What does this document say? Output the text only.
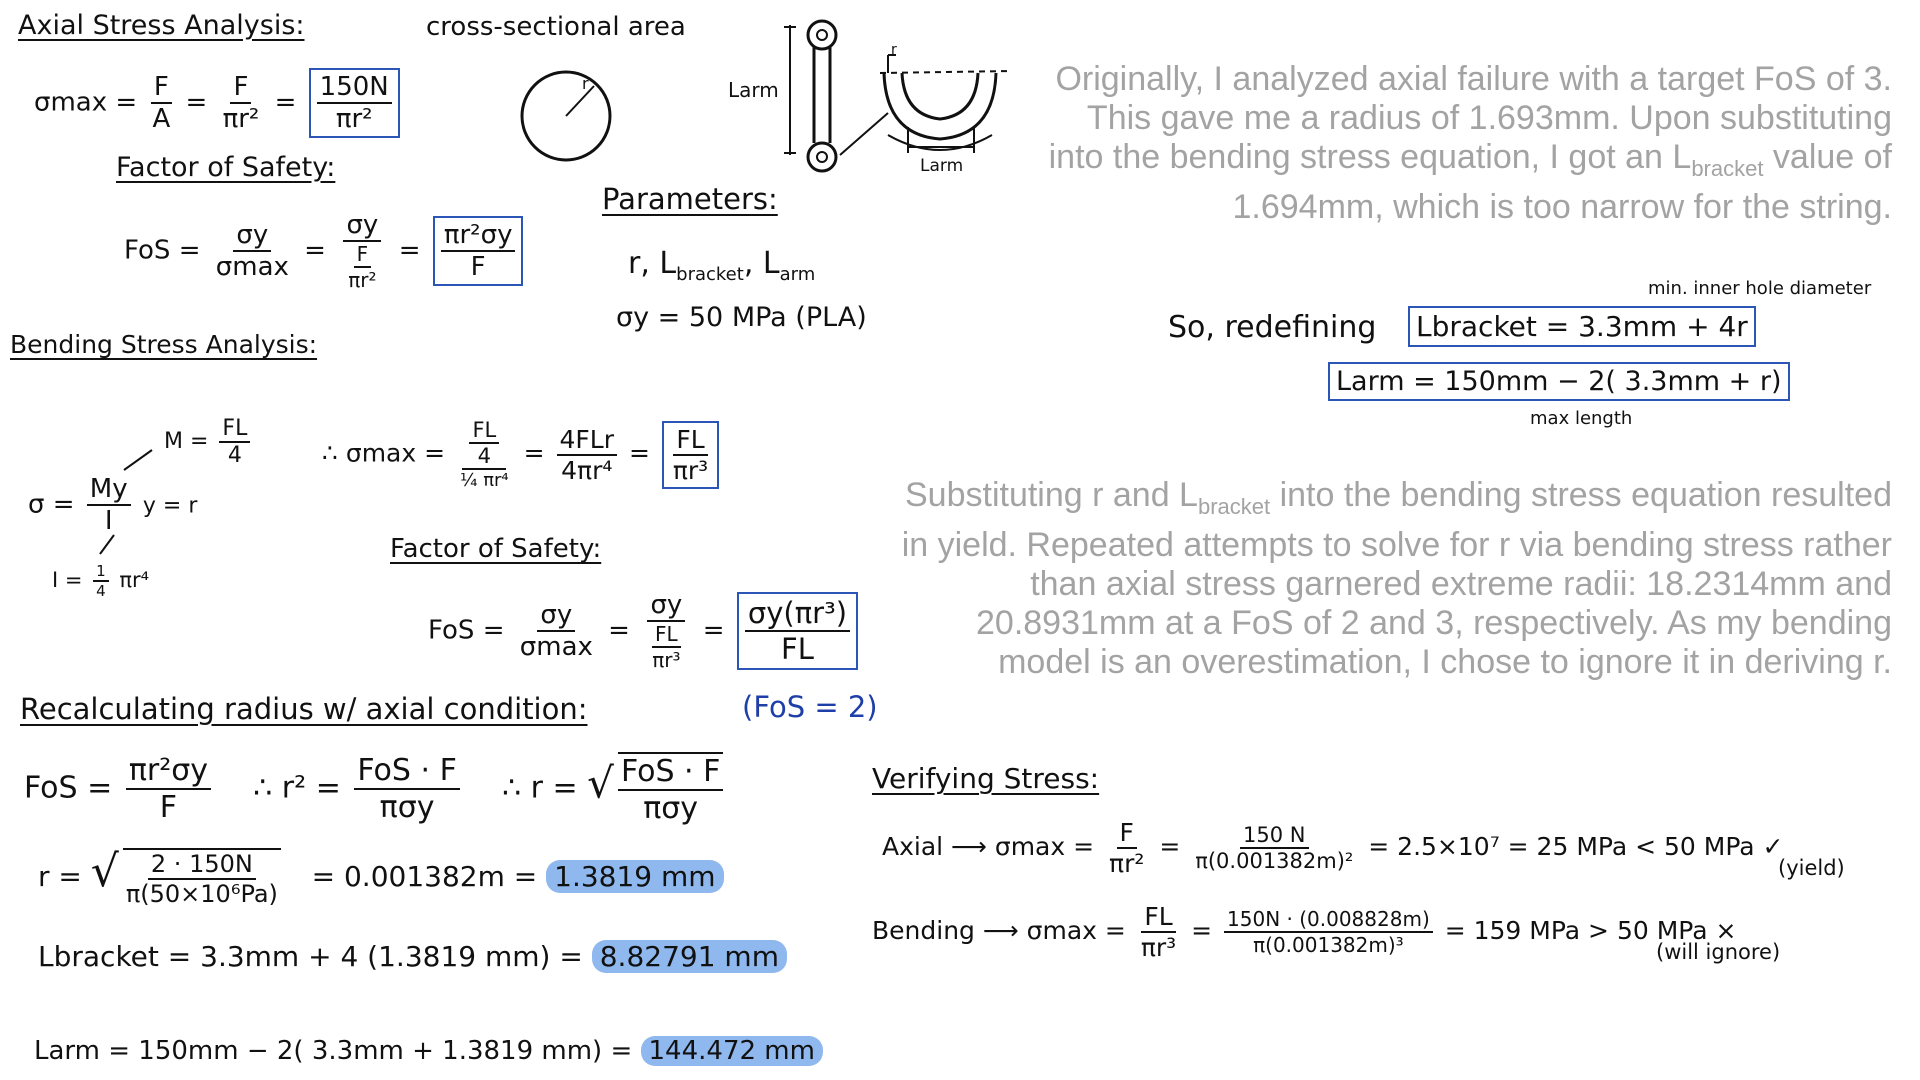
Axial Stress Analysis:
$\sigma\max = \frac{F}{A} = \frac{F}{\text{πr²}} = \frac{150N}{\text{πr²}}$
cross-sectional area
r	Larm
Larm
r
Factor of Safety:
FoS = $\frac{\sigma y}{\sigma\max} = \frac{\sigma y}{\frac{F}{\text{πr²}}} = \frac{\text{πr²σy}}{F}$
Parameters:
r, $L_{bracket}$, $L_{arm}$
σy = 50 MPa (PLA)
Bending Stress Analysis:
$M = \frac{FL}{4}$
$\sigma = \frac{My}{I}$ y = r
$I = \frac{1}{4} \pi r^4$
∴ $\sigma\max = \frac{\frac{FL}{4}}{\text{¼ πr⁴}} = \frac{\text{4FLr}}{\text{4πr⁴}} = \frac{FL}{\text{πr³}}$
Factor of Safety:
FoS = $\frac{\sigma y}{\sigma\max} = \frac{\sigma y}{\frac{FL}{\text{πr³}}} = \frac{\text{σy(πr³)}}{FL}$
Recalculating radius w/ axial condition:	(FoS = 2)
FoS = $\frac{\text{πr²σy}}{F}$ ∴ $r^2 = \frac{\text{FoS · F}}{\text{πσy}}$ ∴ r = √ $\frac{\text{FoS · F}}{\text{πσy}}$
r = √ $\frac{2 \cdot 150N}{\text{π(50×10⁶Pa)}} = 0.001382m = 1.3819$ mm
Lbracket = 3.3mm + 4 (1.3819 mm) = 8.82791 mm
Larm = 150mm − 2( 3.3mm + 1.3819 mm) = 144.472 mm
Originally, I analyzed axial failure with a target FoS of 3.
This gave me a radius of 1.693mm. Upon substituting
into the bending stress equation, I got an $L_{bracket}$ value of
1.694mm, which is too narrow for the string.
Substituting r and $L_{bracket}$ into the bending stress equation resulted
in yield. Repeated attempts to solve for r via bending stress rather
than axial stress garnered extreme radii: 18.2314mm and
20.8931mm at a FoS of 2 and 3, respectively. As my bending
model is an overestimation, I chose to ignore it in deriving r.
min. inner hole diameter
So, redefining Lbracket = 3.3mm + 4r
Larm = 150mm − 2( 3.3mm + r)
max length
Verifying Stress:
Axial ⟶ $\sigma\max = \frac{F}{\text{πr²}} = \frac{150 N}{\text{π(0.001382m)²}} = 2.5\times 10^7 = 25$ MPa < 50 MPa ✓
(yield)
Bending ⟶ $\sigma\max = \frac{FL}{\text{πr³}} = \frac{150N \cdot (0.008828m)}{\text{π(0.001382m)³}} = 159$ MPa > 50 MPa ×
(will ignore)
